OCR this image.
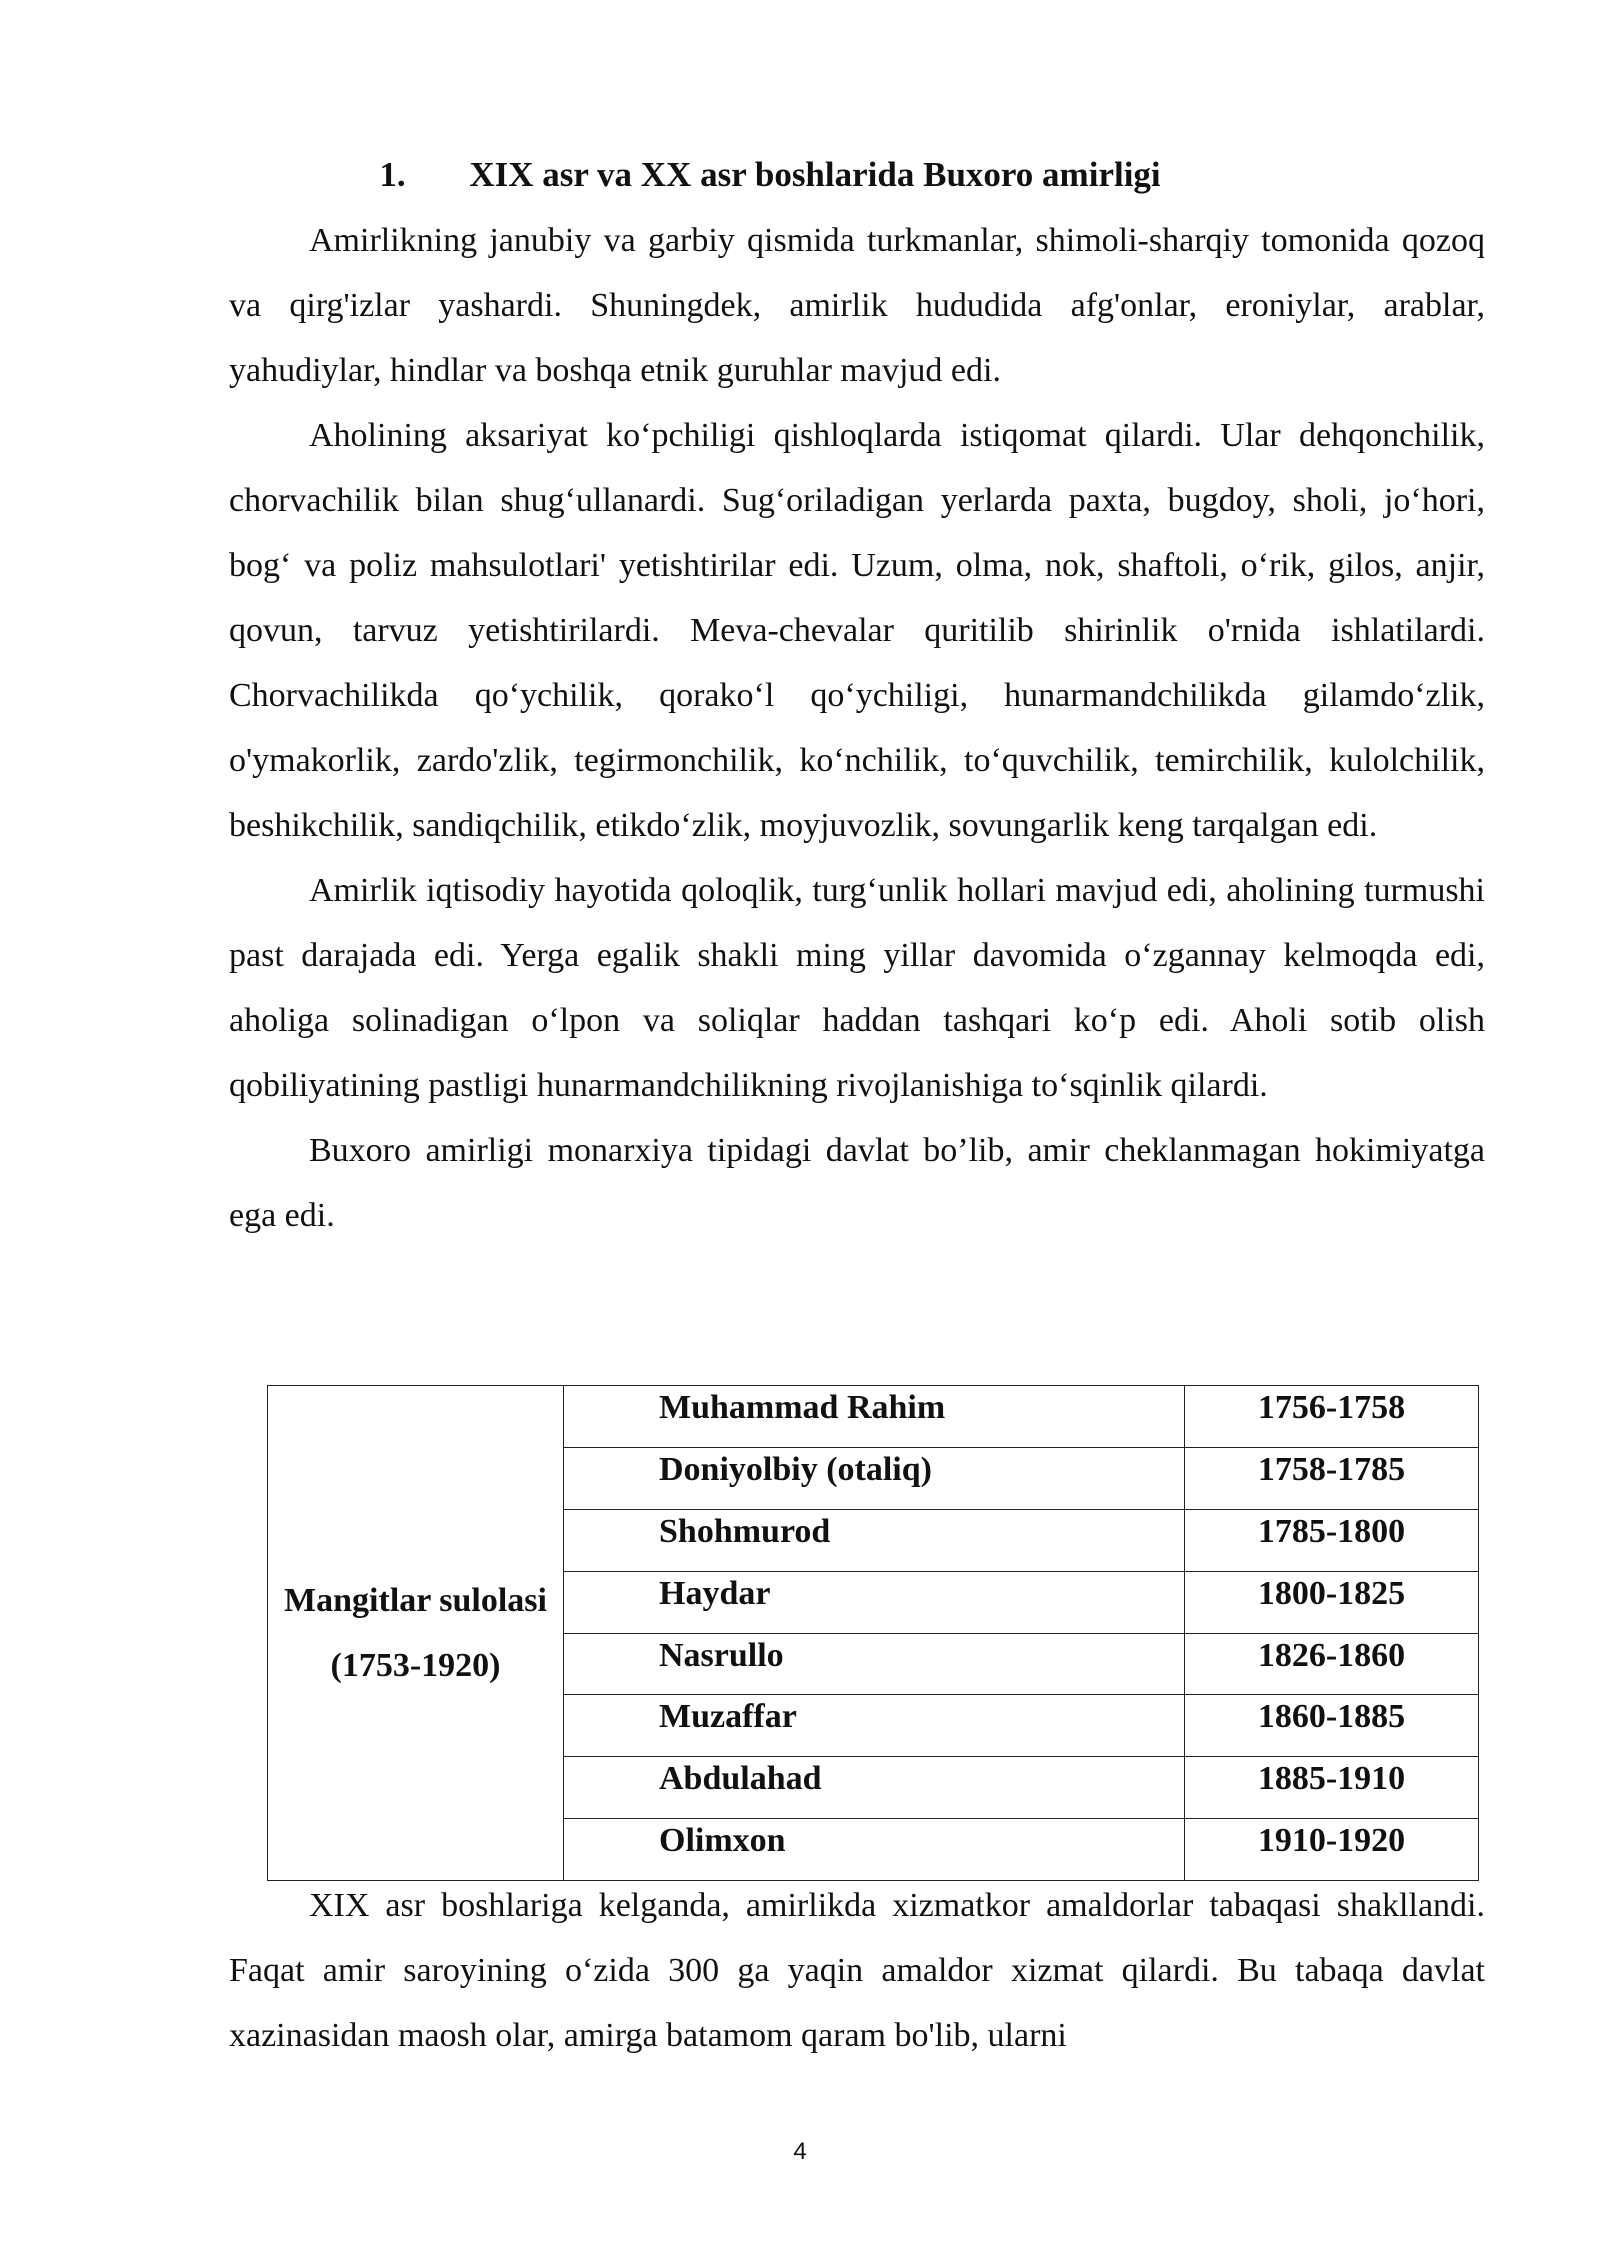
1. XIX asr va XX asr boshlarida Buxoro amirligi

Amirlikning janubiy va garbiy qismida turkmanlar, shimoli-sharqiy tomonida qozoq va qirg'izlar yashardi. Shuningdek, amirlik hududida afg'onlar, eroniylar, arablar, yahudiylar, hindlar va boshqa etnik guruhlar mavjud edi.

Aholining aksariyat ko‘pchiligi qishloqlarda istiqomat qilardi. Ular dehqonchilik, chorvachilik bilan shug‘ullanardi. Sug‘oriladigan yerlarda paxta, bugdoy, sholi, jo‘hori, bog‘ va poliz mahsulotlari' yetishtirilar edi. Uzum, olma, nok, shaftoli, o‘rik, gilos, anjir, qovun, tarvuz yetishtirilardi. Meva-chevalar quritilib shirinlik o'rnida ishlatilardi. Chorvachilikda qo‘ychilik, qorako‘l qo‘ychiligi, hunarmandchilikda gilamdo‘zlik, o'ymakorlik, zardo'zlik, tegirmonchilik, ko‘nchilik, to‘quvchilik, temirchilik, kulolchilik, beshikchilik, sandiqchilik, etikdo‘zlik, moyjuvozlik, sovungarlik keng tarqalgan edi.

Amirlik iqtisodiy hayotida qoloqlik, turg‘unlik hollari mavjud edi, aholining turmushi past darajada edi. Yerga egalik shakli ming yillar davomida o‘zgannay kelmoqda edi, aholiga solinadigan o‘lpon va soliqlar haddan tashqari ko‘p edi. Aholi sotib olish qobiliyatining pastligi hunarmandchilikning rivojlanishiga to‘sqinlik qilardi.

Buxoro amirligi monarxiya tipidagi davlat bo’lib, amir cheklanmagan hokimiyatga ega edi.

Mangitlar sulolasi (1753-1920)	Muhammad Rahim	1756-1758
	Doniyolbiy (otaliq)	1758-1785
	Shohmurod	1785-1800
	Haydar	1800-1825
	Nasrullo	1826-1860
	Muzaffar	1860-1885
	Abdulahad	1885-1910
	Olimxon	1910-1920

XIX asr boshlariga kelganda, amirlikda xizmatkor amaldorlar tabaqasi shakllandi. Faqat amir saroyining o‘zida 300 ga yaqin amaldor xizmat qilardi. Bu tabaqa davlat xazinasidan maosh olar, amirga batamom qaram bo'lib, ularni

4
